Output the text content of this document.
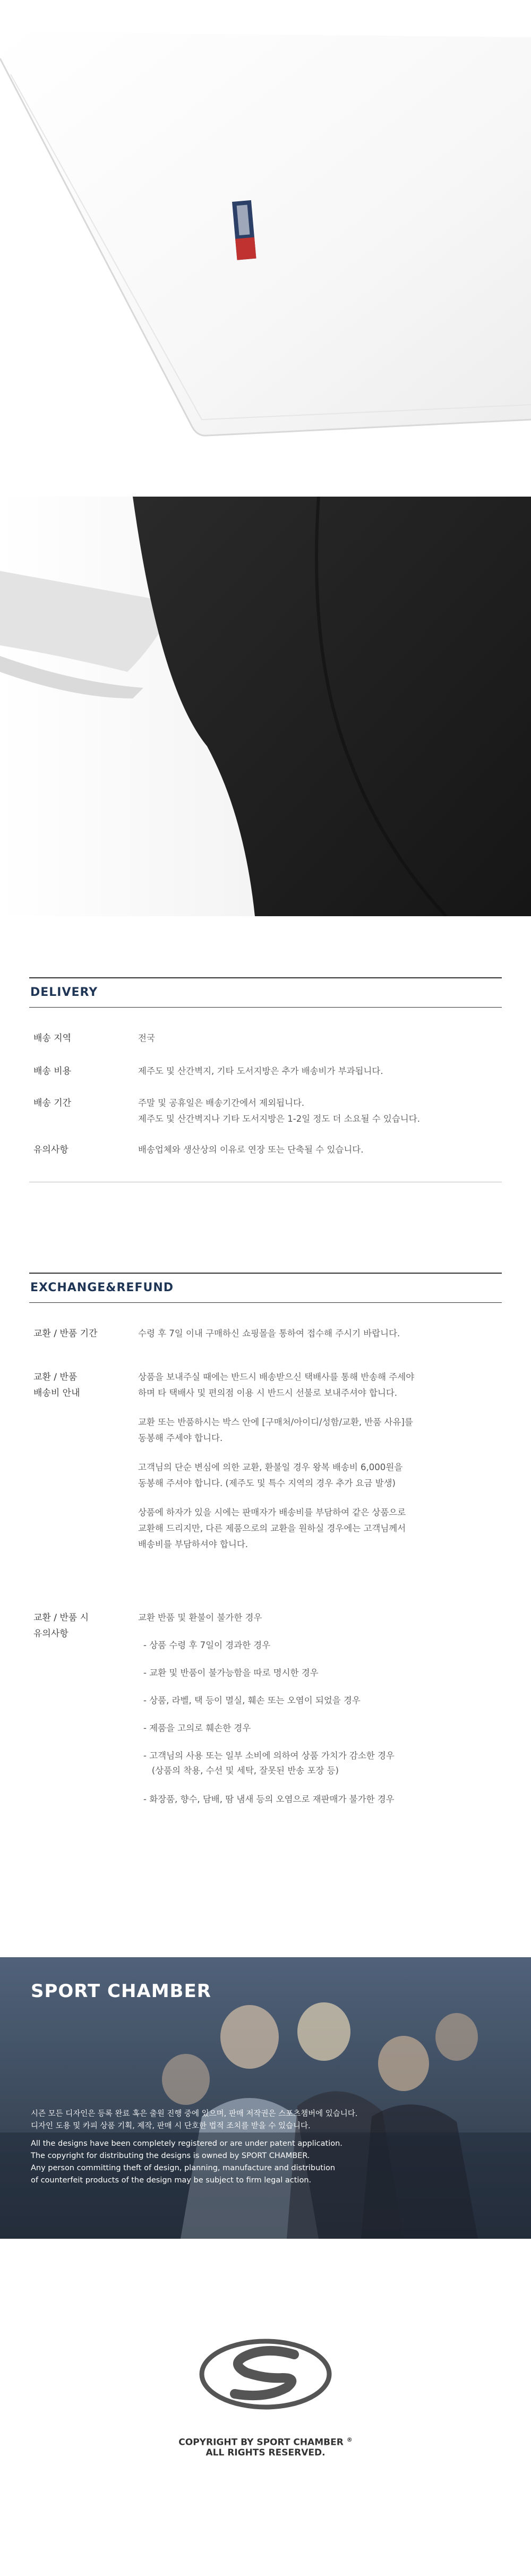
DELIVERY
배송 지역	전국
배송 비용	제주도 및 산간벽지, 기타 도서지방은 추가 배송비가 부과됩니다.
배송 기간	주말 및 공휴일은 배송기간에서 제외됩니다.
제주도 및 산간벽지나 기타 도서지방은 1-2일 정도 더 소요될 수 있습니다.
유의사항	배송업체와 생산상의 이유로 연장 또는 단축될 수 있습니다.
EXCHANGE&REFUND
교환 / 반품 기간	수령 후 7일 이내 구매하신 쇼핑몰을 통하여 접수해 주시기 바랍니다.
교환 / 반품
배송비 안내
상품을 보내주실 때에는 반드시 배송받으신 택배사를 통해 반송해 주세야
하며 타 택배사 및 편의점 이용 시 반드시 선불로 보내주셔야 합니다.
교환 또는 반품하시는 박스 안에 [구매처/아이디/성함/교환, 반품 사유]를
동봉해 주세야 합니다.
고객님의 단순 변심에 의한 교환, 환불일 경우 왕복 배송비 6,000원을
동봉해 주셔야 합니다. (제주도 및 특수 지역의 경우 추가 요금 발생)
상품에 하자가 있을 시에는 판매자가 배송비를 부담하여 같은 상품으로
교환해 드리지만, 다른 제품으로의 교환을 원하실 경우에는 고객님께서
배송비를 부담하셔야 합니다.
교환 / 반품 시
유의사항
교환 반품 및 환불이 불가한 경우
- 상품 수령 후 7일이 경과한 경우
- 교환 및 반품이 불가능함을 따로 명시한 경우
- 상품, 라벨, 택 등이 멸실, 훼손 또는 오염이 되었을 경우
- 제품을 고의로 훼손한 경우
- 고객님의 사용 또는 일부 소비에 의하여 상품 가치가 감소한 경우
(상품의 착용, 수선 및 세탁, 잘못된 반송 포장 등)
- 화장품, 향수, 담배, 땀 냄새 등의 오염으로 재판매가 불가한 경우
SPORT CHAMBER
시즌 모든 디자인은 등록 완료 혹은 출원 진행 중에 있으며, 판매 저작권은 스포츠챔버에 있습니다.
디자인 도용 및 카피 상품 기획, 제작, 판매 시 단호한 법적 조치를 받을 수 있습니다.
All the designs have been completely registered or are under patent application.
The copyright for distributing the designs is owned by SPORT CHAMBER.
Any person committing theft of design, planning, manufacture and distribution
of counterfeit products of the design may be subject to firm legal action.
COPYRIGHT BY SPORT CHAMBER ®
ALL RIGHTS RESERVED.
